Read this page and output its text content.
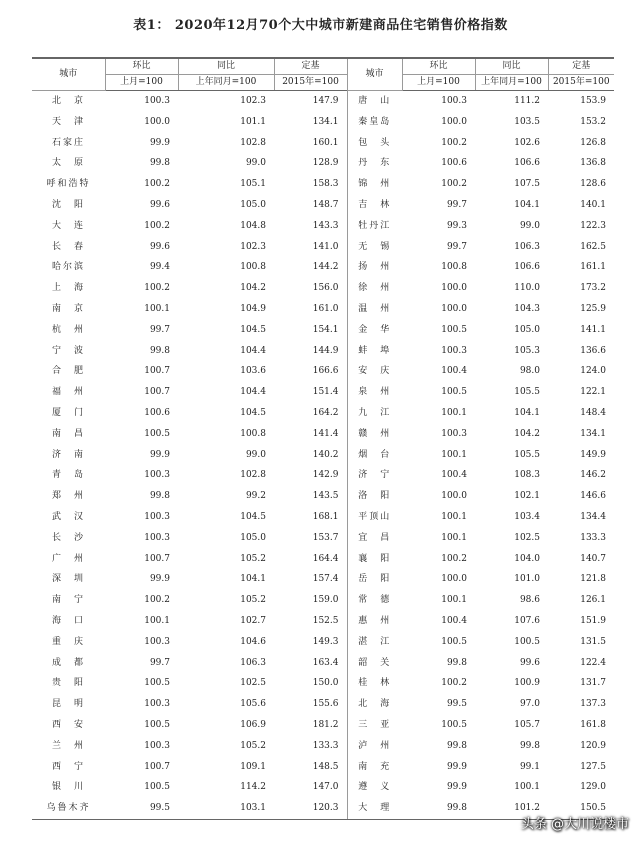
表1： 2020年12月70个大中城市新建商品住宅销售价格指数
城市	环比	同比	定基	城市	环比	同比	定基
	上月=100	上年同月=100	2015年=100		上月=100	上年同月=100	2015年=100
北　京	100.3	102.3	147.9	唐　山	100.3	111.2	153.9
天　津	100.0	101.1	134.1	秦皇岛	100.0	103.5	153.2
石家庄	99.9	102.8	160.1	包　头	100.2	102.6	126.8
太　原	99.8	99.0	128.9	丹　东	100.6	106.6	136.8
呼和浩特	100.2	105.1	158.3	锦　州	100.2	107.5	128.6
沈　阳	99.6	105.0	148.7	吉　林	99.7	104.1	140.1
大　连	100.2	104.8	143.3	牡丹江	99.3	99.0	122.3
长　春	99.6	102.3	141.0	无　锡	99.7	106.3	162.5
哈尔滨	99.4	100.8	144.2	扬　州	100.8	106.6	161.1
上　海	100.2	104.2	156.0	徐　州	100.0	110.0	173.2
南　京	100.1	104.9	161.0	温　州	100.0	104.3	125.9
杭　州	99.7	104.5	154.1	金　华	100.5	105.0	141.1
宁　波	99.8	104.4	144.9	蚌　埠	100.3	105.3	136.6
合　肥	100.7	103.6	166.6	安　庆	100.4	98.0	124.0
福　州	100.7	104.4	151.4	泉　州	100.5	105.5	122.1
厦　门	100.6	104.5	164.2	九　江	100.1	104.1	148.4
南　昌	100.5	100.8	141.4	赣　州	100.3	104.2	134.1
济　南	99.9	99.0	140.2	烟　台	100.1	105.5	149.9
青　岛	100.3	102.8	142.9	济　宁	100.4	108.3	146.2
郑　州	99.8	99.2	143.5	洛　阳	100.0	102.1	146.6
武　汉	100.3	104.5	168.1	平顶山	100.1	103.4	134.4
长　沙	100.3	105.0	153.7	宜　昌	100.1	102.5	133.3
广　州	100.7	105.2	164.4	襄　阳	100.2	104.0	140.7
深　圳	99.9	104.1	157.4	岳　阳	100.0	101.0	121.8
南　宁	100.2	105.2	159.0	常　德	100.1	98.6	126.1
海　口	100.1	102.7	152.5	惠　州	100.4	107.6	151.9
重　庆	100.3	104.6	149.3	湛　江	100.5	100.5	131.5
成　都	99.7	106.3	163.4	韶　关	99.8	99.6	122.4
贵　阳	100.5	102.5	150.0	桂　林	100.2	100.9	131.7
昆　明	100.3	105.6	155.6	北　海	99.5	97.0	137.3
西　安	100.5	106.9	181.2	三　亚	100.5	105.7	161.8
兰　州	100.3	105.2	133.3	泸　州	99.8	99.8	120.9
西　宁	100.7	109.1	148.5	南　充	99.9	99.1	127.5
银　川	100.5	114.2	147.0	遵　义	99.9	100.1	129.0
乌鲁木齐	99.5	103.1	120.3	大　理	99.8	101.2	150.5
头条 @大川说楼市
